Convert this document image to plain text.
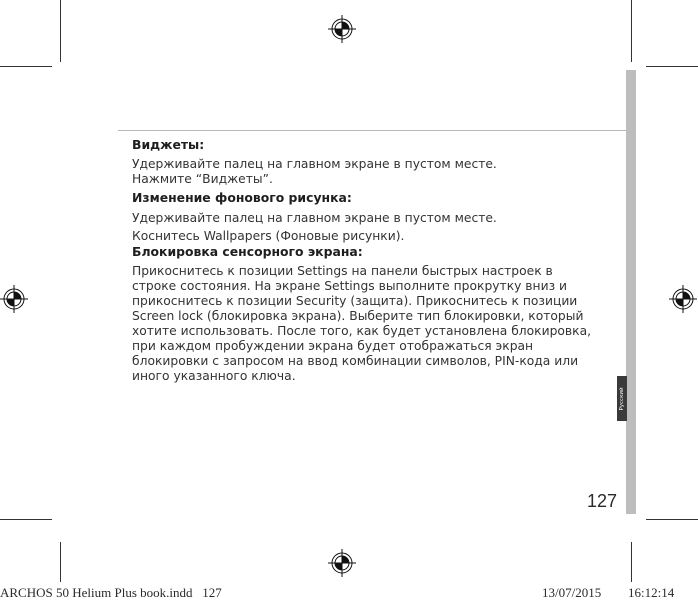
Русский
Виджеты:

Удерживайте палец на главном экране в пустом месте.

Нажмите “Виджеты”.

Изменение фонового рисунка:

Удерживайте палец на главном экране в пустом месте.

Коснитесь Wallpapers (Фоновые рисунки).

Блокировка сенсорного экрана:

Прикоснитесь к позиции Settings на панели быстрых настроек в

строке состояния. На экране Settings выполните прокрутку вниз и

прикоснитесь к позиции Security (защита). Прикоснитесь к позиции

Screen lock (блокировка экрана). Выберите тип блокировки, который

хотите использовать. После того, как будет установлена блокировка,

при каждом пробуждении экрана будет отображаться экран

блокировки с запросом на ввод комбинации символов, PIN-кода или

иного указанного ключа.

127
ARCHOS 50 Helium Plus book.indd   127	13/07/2015 16:12:14
